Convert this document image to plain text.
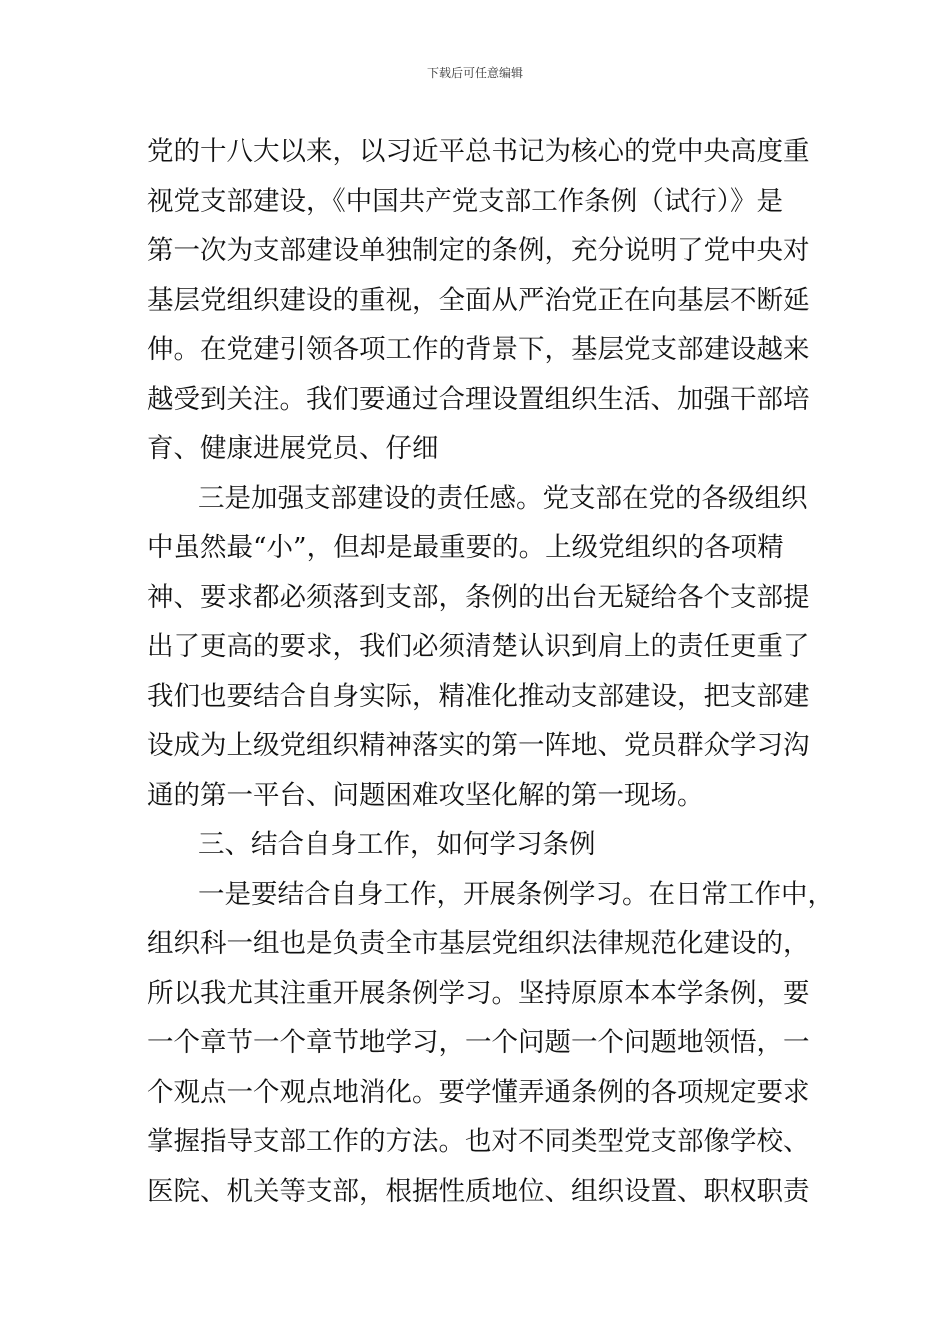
下载后可任意编辑
党的十八大以来，以习近平总书记为核心的党中央高度重
视党支部建设，《中国共产党支部工作条例（试行）》是
第一次为支部建设单独制定的条例，充分说明了党中央对
基层党组织建设的重视，全面从严治党正在向基层不断延
伸。在党建引领各项工作的背景下，基层党支部建设越来
越受到关注。我们要通过合理设置组织生活、加强干部培
育、健康进展党员、仔细
三是加强支部建设的责任感。党支部在党的各级组织
中虽然最“小”，但却是最重要的。上级党组织的各项精
神、要求都必须落到支部，条例的出台无疑给各个支部提
出了更高的要求，我们必须清楚认识到肩上的责任更重了
我们也要结合自身实际，精准化推动支部建设，把支部建
设成为上级党组织精神落实的第一阵地、党员群众学习沟
通的第一平台、问题困难攻坚化解的第一现场。
三、结合自身工作，如何学习条例
一是要结合自身工作，开展条例学习。在日常工作中，
组织科一组也是负责全市基层党组织法律规范化建设的，
所以我尤其注重开展条例学习。坚持原原本本学条例，要
一个章节一个章节地学习，一个问题一个问题地领悟，一
个观点一个观点地消化。要学懂弄通条例的各项规定要求
掌握指导支部工作的方法。也对不同类型党支部像学校、
医院、机关等支部，根据性质地位、组织设置、职权职责
